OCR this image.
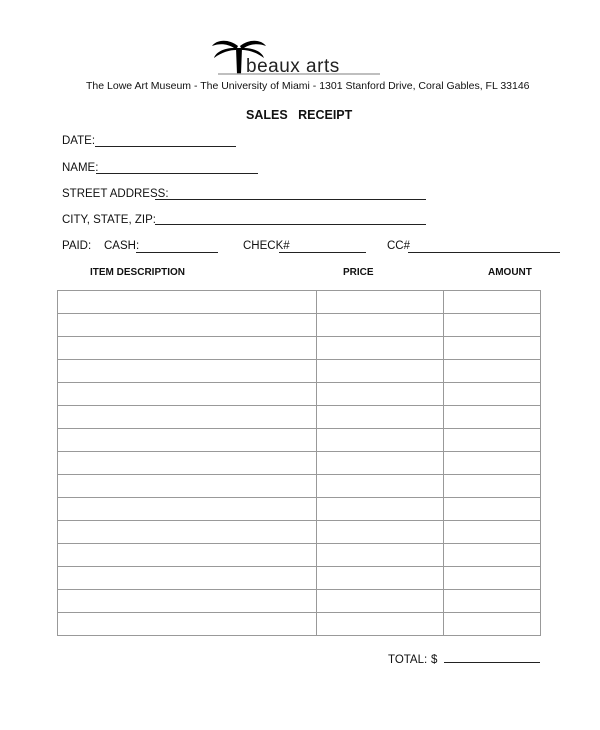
beaux arts
The Lowe Art Museum - The University of Miami - 1301 Stanford Drive, Coral Gables, FL 33146
SALES   RECEIPT
DATE:
NAME:
STREET ADDRESS:
CITY, STATE, ZIP:
PAID: CASH:	CHECK#	CC#
ITEM DESCRIPTION	PRICE	AMOUNT

TOTAL: $
